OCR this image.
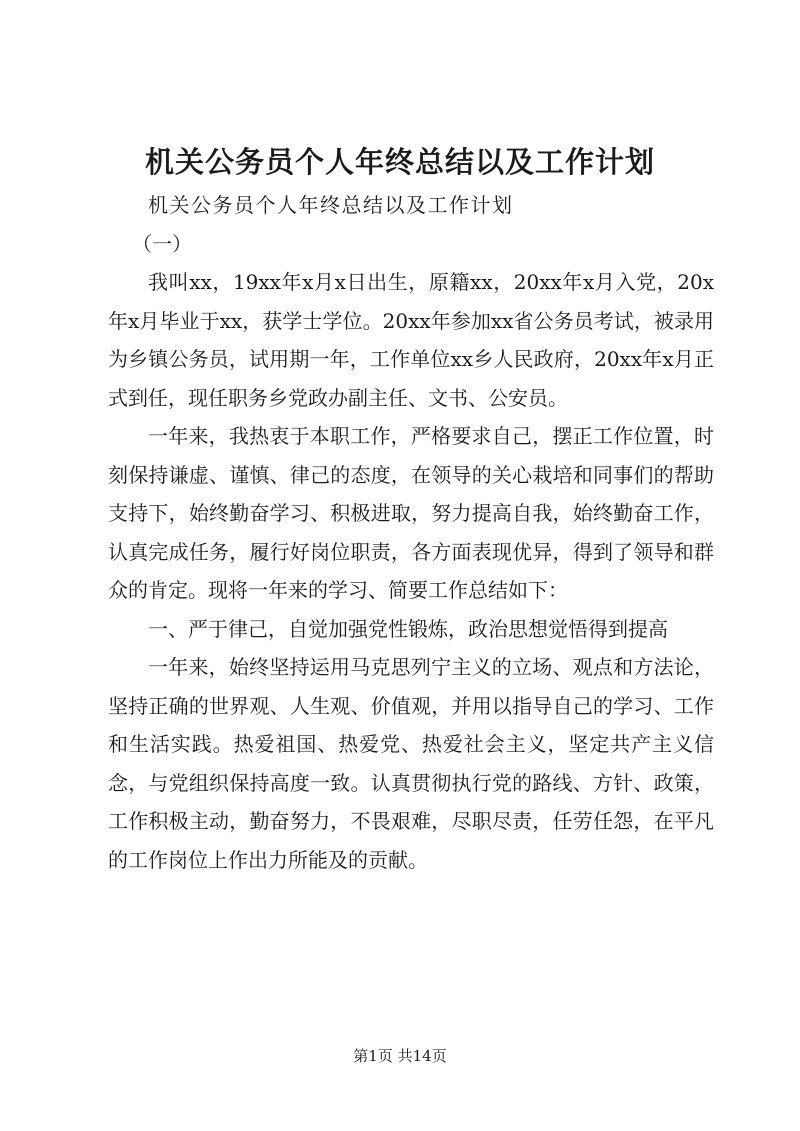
机关公务员个人年终总结以及工作计划

机关公务员个人年终总结以及工作计划

（一）

我叫xx，19xx年x月x日出生，原籍xx，20xx年x月入党，20x年x月毕业于xx，获学士学位。20xx年参加xx省公务员考试，被录用为乡镇公务员，试用期一年，工作单位xx乡人民政府，20xx年x月正式到任，现任职务乡党政办副主任、文书、公安员。

一年来，我热衷于本职工作，严格要求自己，摆正工作位置，时刻保持谦虚、谨慎、律己的态度，在领导的关心栽培和同事们的帮助支持下，始终勤奋学习、积极进取，努力提高自我，始终勤奋工作，认真完成任务，履行好岗位职责，各方面表现优异，得到了领导和群众的肯定。现将一年来的学习、简要工作总结如下：

一、严于律己，自觉加强党性锻炼，政治思想觉悟得到提高

一年来，始终坚持运用马克思列宁主义的立场、观点和方法论，坚持正确的世界观、人生观、价值观，并用以指导自己的学习、工作和生活实践。热爱祖国、热爱党、热爱社会主义，坚定共产主义信念，与党组织保持高度一致。认真贯彻执行党的路线、方针、政策，工作积极主动，勤奋努力，不畏艰难，尽职尽责，任劳任怨，在平凡的工作岗位上作出力所能及的贡献。

第1页 共14页
